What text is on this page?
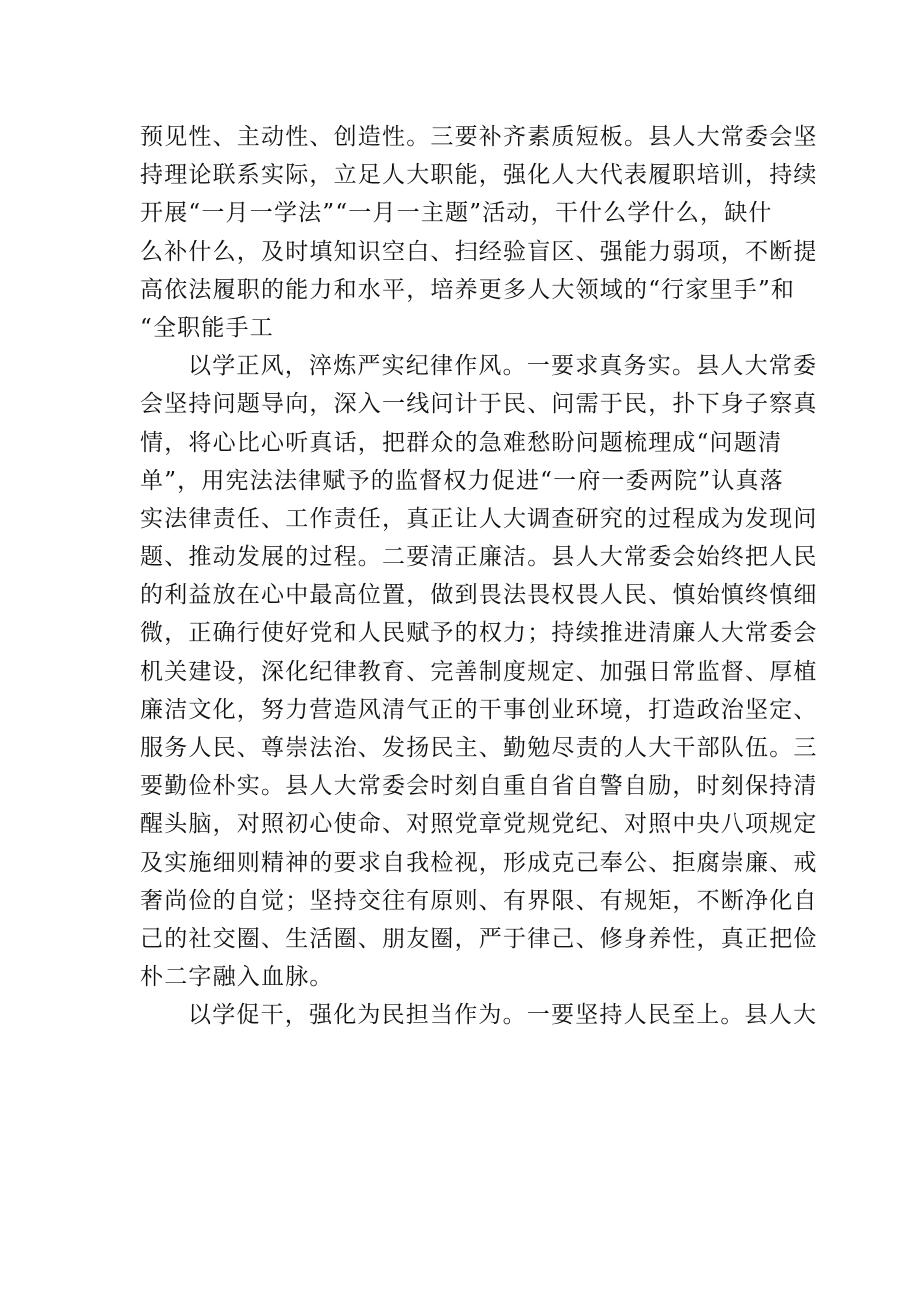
预见性、主动性、创造性。三要补齐素质短板。县人大常委会坚
持理论联系实际，立足人大职能，强化人大代表履职培训，持续
开展“一月一学法”“一月一主题”活动，干什么学什么，缺什
么补什么，及时填知识空白、扫经验盲区、强能力弱项，不断提
高依法履职的能力和水平，培养更多人大领域的“行家里手”和
“全职能手工

以学正风，淬炼严实纪律作风。一要求真务实。县人大常委
会坚持问题导向，深入一线问计于民、问需于民，扑下身子察真
情，将心比心听真话，把群众的急难愁盼问题梳理成“问题清
单”，用宪法法律赋予的监督权力促进“一府一委两院”认真落
实法律责任、工作责任，真正让人大调查研究的过程成为发现问
题、推动发展的过程。二要清正廉洁。县人大常委会始终把人民
的利益放在心中最高位置，做到畏法畏权畏人民、慎始慎终慎细
微，正确行使好党和人民赋予的权力；持续推进清廉人大常委会
机关建设，深化纪律教育、完善制度规定、加强日常监督、厚植
廉洁文化，努力营造风清气正的干事创业环境，打造政治坚定、
服务人民、尊崇法治、发扬民主、勤勉尽责的人大干部队伍。三
要勤俭朴实。县人大常委会时刻自重自省自警自励，时刻保持清
醒头脑，对照初心使命、对照党章党规党纪、对照中央八项规定
及实施细则精神的要求自我检视，形成克己奉公、拒腐崇廉、戒
奢尚俭的自觉；坚持交往有原则、有界限、有规矩，不断净化自
己的社交圈、生活圈、朋友圈，严于律己、修身养性，真正把俭
朴二字融入血脉。

以学促干，强化为民担当作为。一要坚持人民至上。县人大
